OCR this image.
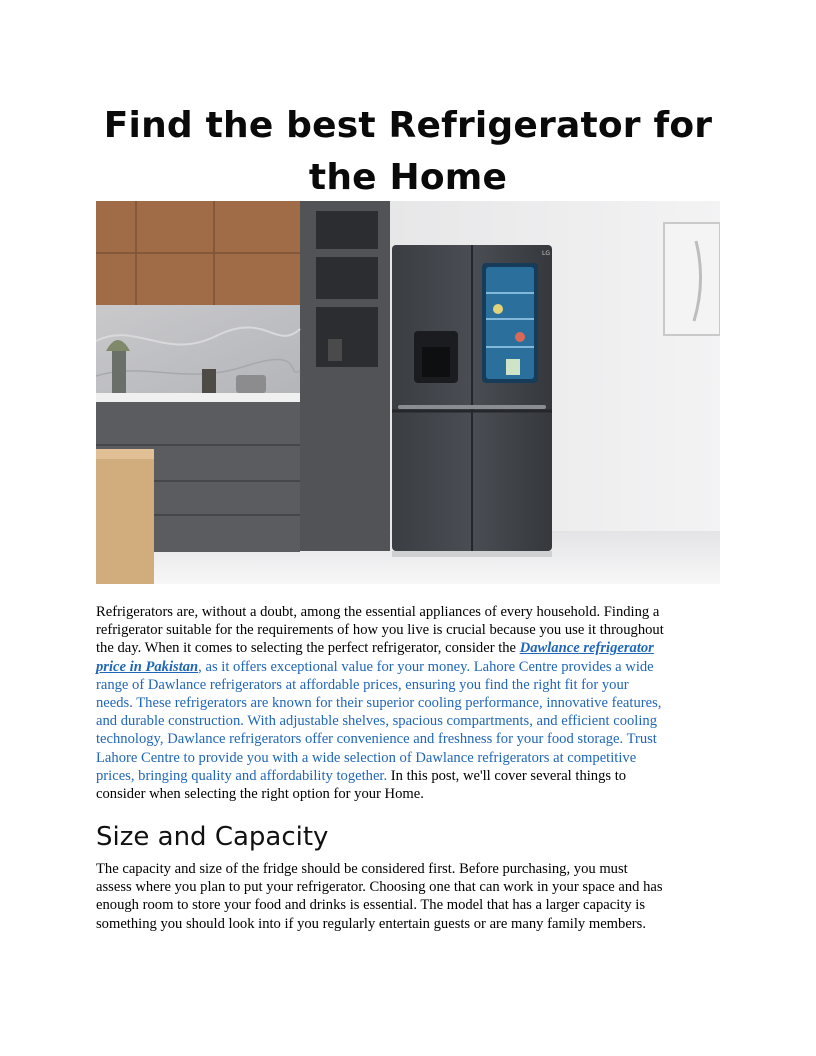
Find the best Refrigerator for
the Home
LG

Refrigerators are, without a doubt, among the essential appliances of every household. Finding a
refrigerator suitable for the requirements of how you live is crucial because you use it throughout
the day. When it comes to selecting the perfect refrigerator, consider the Dawlance refrigerator
price in Pakistan, as it offers exceptional value for your money. Lahore Centre provides a wide
range of Dawlance refrigerators at affordable prices, ensuring you find the right fit for your
needs. These refrigerators are known for their superior cooling performance, innovative features,
and durable construction. With adjustable shelves, spacious compartments, and efficient cooling
technology, Dawlance refrigerators offer convenience and freshness for your food storage. Trust
Lahore Centre to provide you with a wide selection of Dawlance refrigerators at competitive
prices, bringing quality and affordability together. In this post, we'll cover several things to
consider when selecting the right option for your Home.

Size and Capacity

The capacity and size of the fridge should be considered first. Before purchasing, you must
assess where you plan to put your refrigerator. Choosing one that can work in your space and has
enough room to store your food and drinks is essential. The model that has a larger capacity is
something you should look into if you regularly entertain guests or are many family members.
